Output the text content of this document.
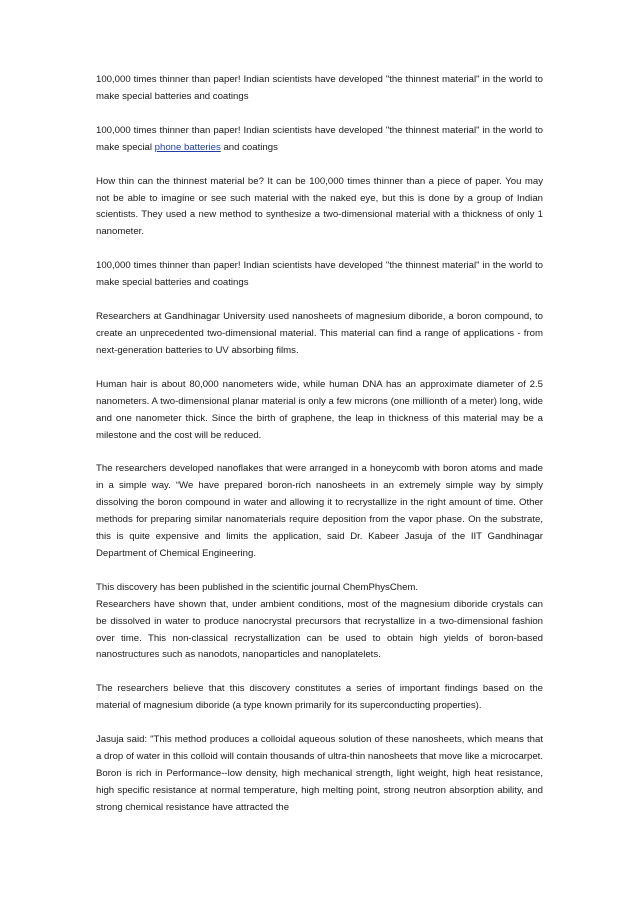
100,000 times thinner than paper! Indian scientists have developed "the thinnest material" in the world to make special batteries and coatings

100,000 times thinner than paper! Indian scientists have developed "the thinnest material" in the world to make special phone batteries and coatings

How thin can the thinnest material be? It can be 100,000 times thinner than a piece of paper. You may not be able to imagine or see such material with the naked eye, but this is done by a group of Indian scientists. They used a new method to synthesize a two-dimensional material with a thickness of only 1 nanometer.

100,000 times thinner than paper! Indian scientists have developed "the thinnest material" in the world to make special batteries and coatings

Researchers at Gandhinagar University used nanosheets of magnesium diboride, a boron compound, to create an unprecedented two-dimensional material. This material can find a range of applications - from next-generation batteries to UV absorbing films.

Human hair is about 80,000 nanometers wide, while human DNA has an approximate diameter of 2.5 nanometers. A two-dimensional planar material is only a few microns (one millionth of a meter) long, wide and one nanometer thick. Since the birth of graphene, the leap in thickness of this material may be a milestone and the cost will be reduced.

The researchers developed nanoflakes that were arranged in a honeycomb with boron atoms and made in a simple way. “We have prepared boron-rich nanosheets in an extremely simple way by simply dissolving the boron compound in water and allowing it to recrystallize in the right amount of time. Other methods for preparing similar nanomaterials require deposition from the vapor phase. On the substrate, this is quite expensive and limits the application, said Dr. Kabeer Jasuja of the IIT Gandhinagar Department of Chemical Engineering.

This discovery has been published in the scientific journal ChemPhysChem.

Researchers have shown that, under ambient conditions, most of the magnesium diboride crystals can be dissolved in water to produce nanocrystal precursors that recrystallize in a two-dimensional fashion over time. This non-classical recrystallization can be used to obtain high yields of boron-based nanostructures such as nanodots, nanoparticles and nanoplatelets.

The researchers believe that this discovery constitutes a series of important findings based on the material of magnesium diboride (a type known primarily for its superconducting properties).

Jasuja said: "This method produces a colloidal aqueous solution of these nanosheets, which means that a drop of water in this colloid will contain thousands of ultra-thin nanosheets that move like a microcarpet. Boron is rich in Performance--low density, high mechanical strength, light weight, high heat resistance, high specific resistance at normal temperature, high melting point, strong neutron absorption ability, and strong chemical resistance have attracted the
